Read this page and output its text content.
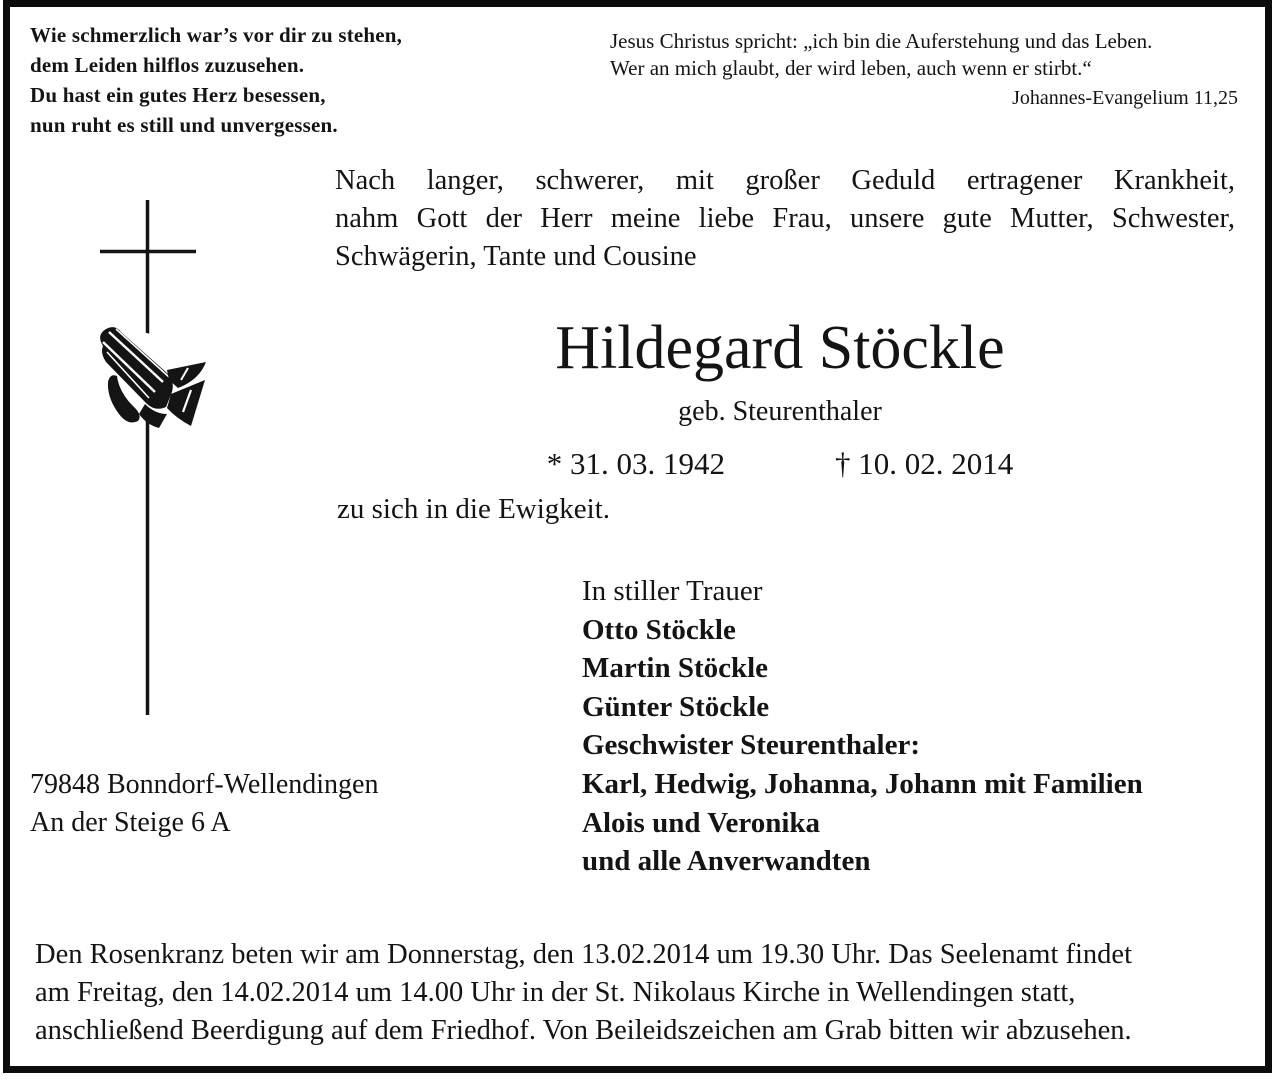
Wie schmerzlich war’s vor dir zu stehen,
dem Leiden hilflos zuzusehen.
Du hast ein gutes Herz besessen,
nun ruht es still und unvergessen.
Jesus Christus spricht: „ich bin die Auferstehung und das Leben.
Wer an mich glaubt, der wird leben, auch wenn er stirbt.“
Johannes-Evangelium 11,25
Nach langer, schwerer, mit großer Geduld ertragener Krankheit,
nahm Gott der Herr meine liebe Frau, unsere gute Mutter, Schwester,
Schwägerin, Tante und Cousine
Hildegard Stöckle
geb. Steurenthaler
* 31. 03. 1942	† 10. 02. 2014
zu sich in die Ewigkeit.
In stiller Trauer
Otto Stöckle
Martin Stöckle
Günter Stöckle
Geschwister Steurenthaler:
Karl, Hedwig, Johanna, Johann mit Familien
Alois und Veronika
und alle Anverwandten
79848 Bonndorf-Wellendingen
An der Steige 6 A
Den Rosenkranz beten wir am Donnerstag, den 13.02.2014 um 19.30 Uhr. Das Seelenamt findet
am Freitag, den 14.02.2014 um 14.00 Uhr in der St. Nikolaus Kirche in Wellendingen statt,
anschließend Beerdigung auf dem Friedhof. Von Beileidszeichen am Grab bitten wir abzusehen.
